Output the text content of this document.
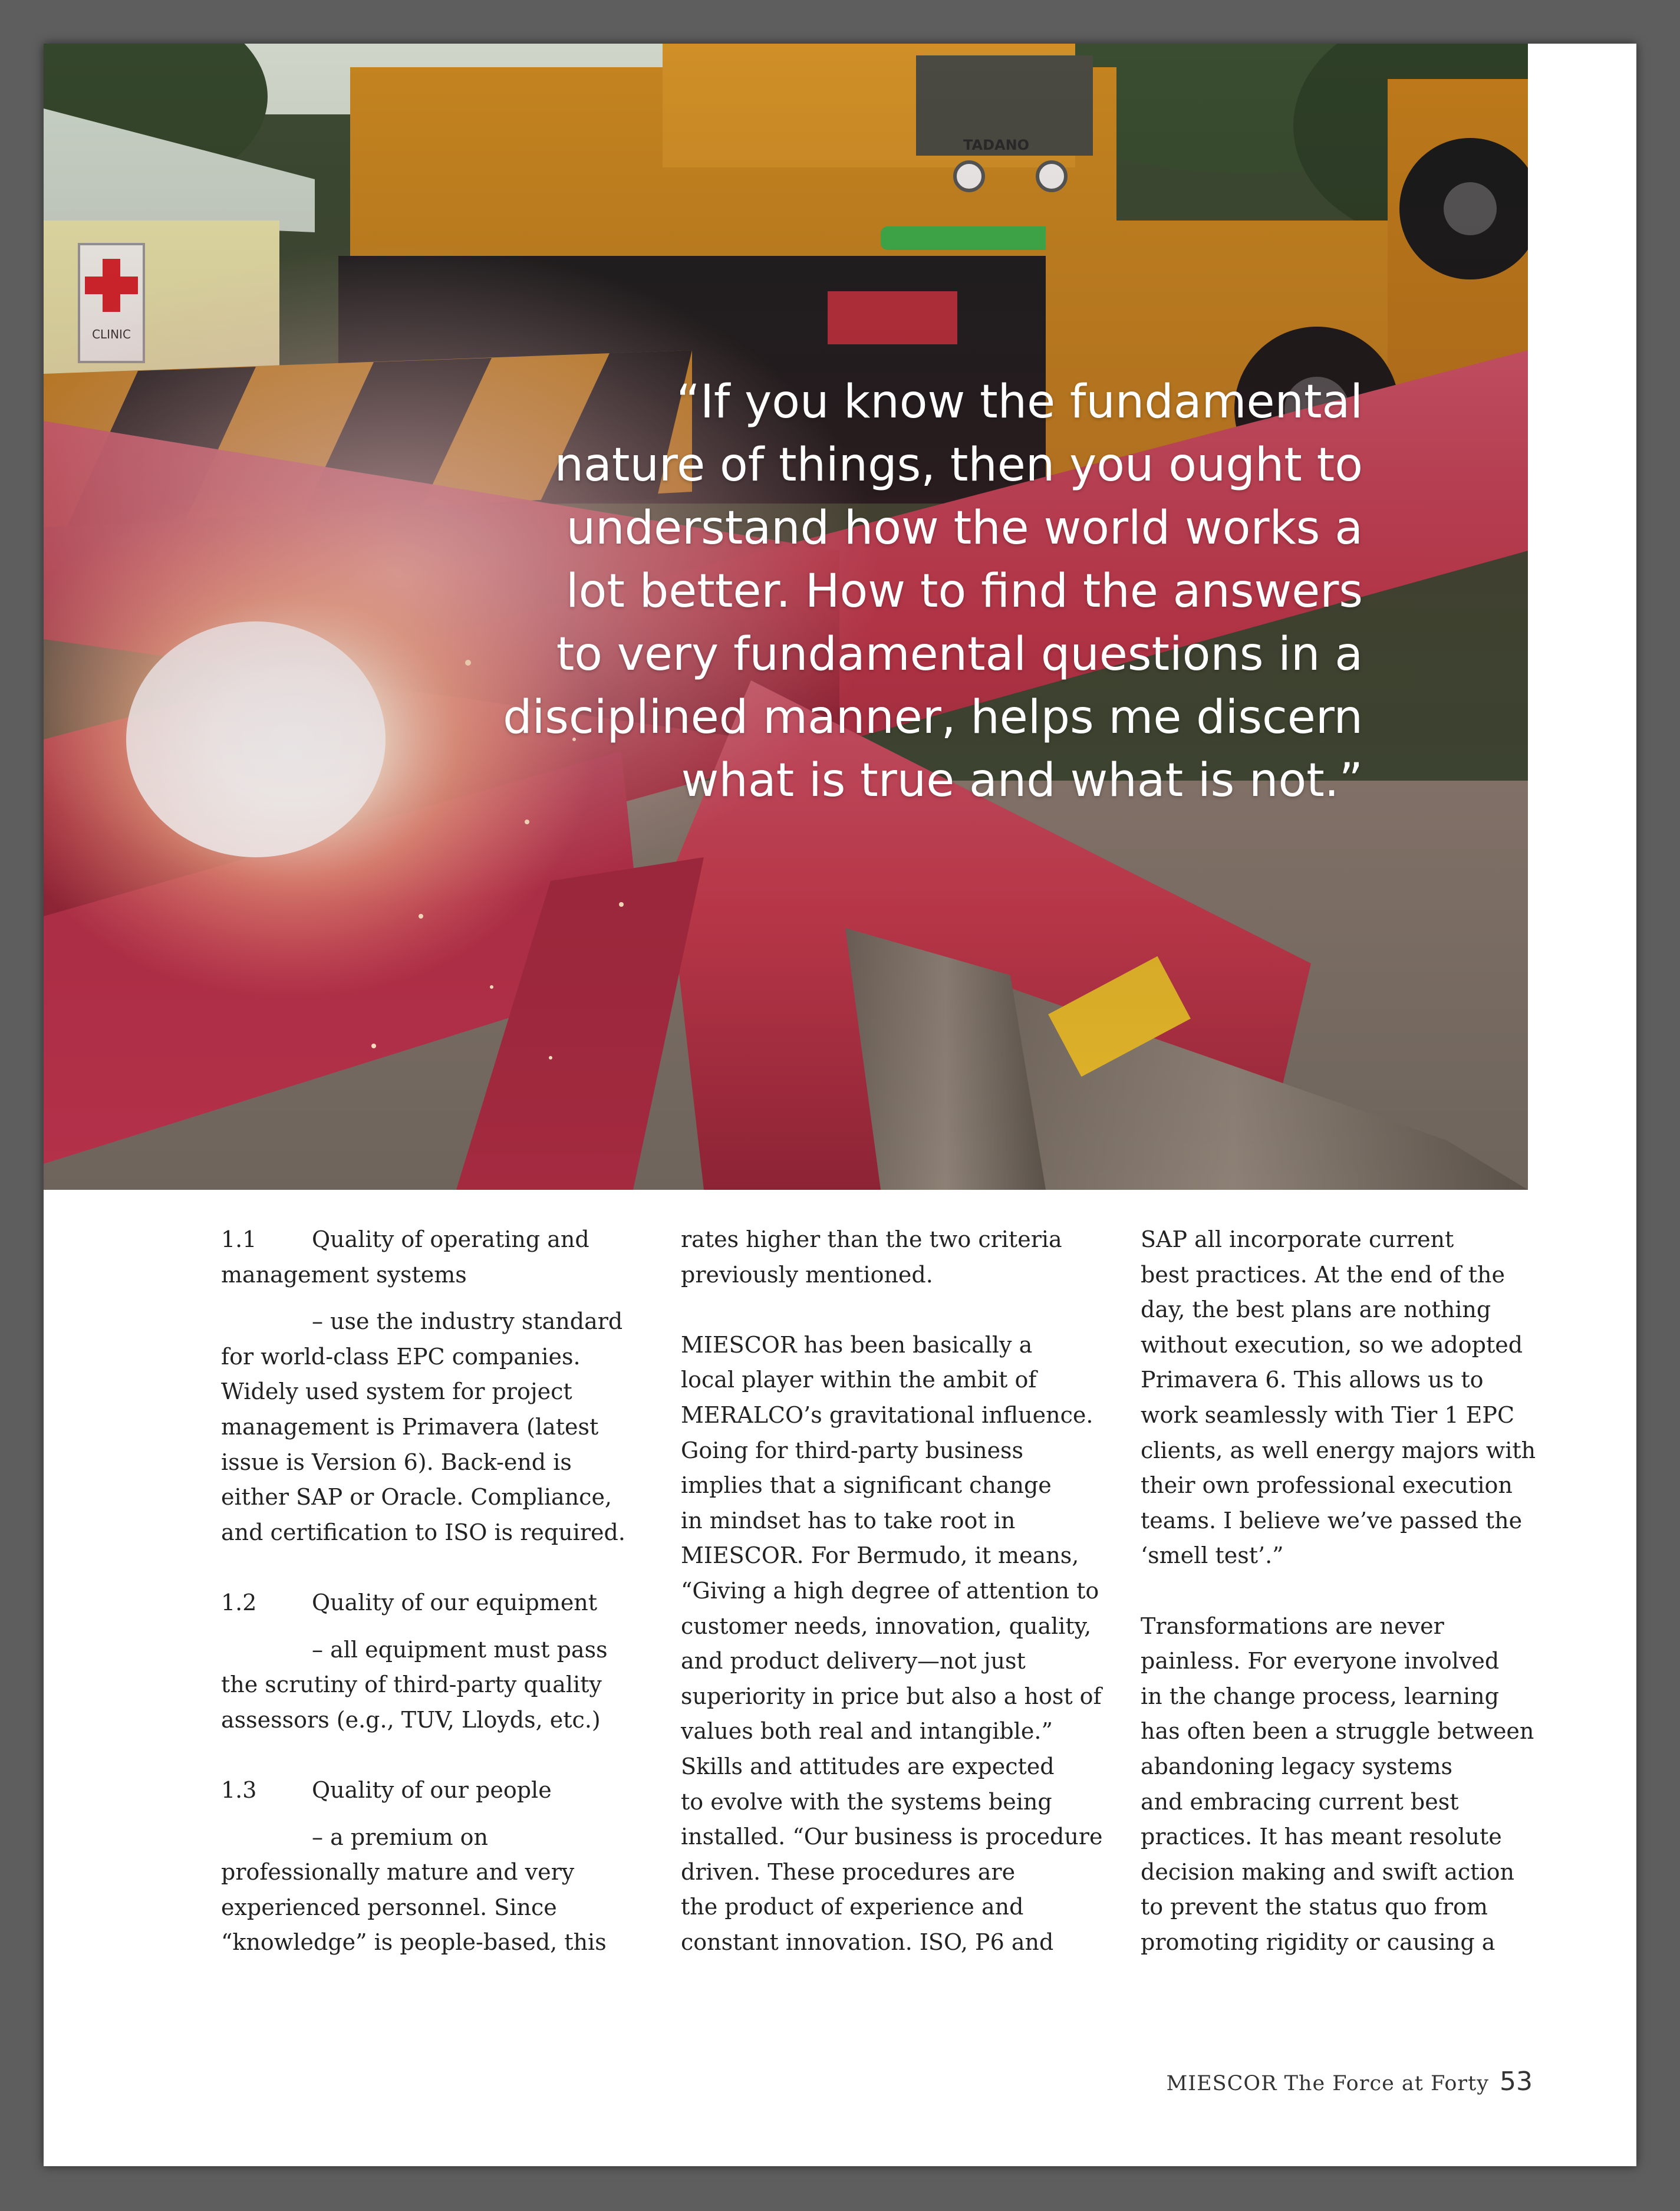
“If you know the fundamental
nature of things, then you ought to
understand how the world works a
lot better. How to find the answers
to very fundamental questions in a
disciplined manner, helps me discern
what is true and what is not.”

1.1 Quality of operating and
management systems

– use the industry standard
for world-class EPC companies.
Widely used system for project
management is Primavera (latest
issue is Version 6). Back-end is
either SAP or Oracle. Compliance,
and certification to ISO is required.

1.2 Quality of our equipment

– all equipment must pass
the scrutiny of third-party quality
assessors (e.g., TUV, Lloyds, etc.)

1.3 Quality of our people

– a premium on
professionally mature and very
experienced personnel. Since
“knowledge” is people-based, this

rates higher than the two criteria
previously mentioned.

MIESCOR has been basically a
local player within the ambit of
MERALCO’s gravitational influence.
Going for third-party business
implies that a significant change
in mindset has to take root in
MIESCOR. For Bermudo, it means,
“Giving a high degree of attention to
customer needs, innovation, quality,
and product delivery—not just
superiority in price but also a host of
values both real and intangible.”
Skills and attitudes are expected
to evolve with the systems being
installed. “Our business is procedure
driven. These procedures are
the product of experience and
constant innovation. ISO, P6 and

SAP all incorporate current
best practices. At the end of the
day, the best plans are nothing
without execution, so we adopted
Primavera 6. This allows us to
work seamlessly with Tier 1 EPC
clients, as well energy majors with
their own professional execution
teams. I believe we’ve passed the
‘smell test’.”

Transformations are never
painless. For everyone involved
in the change process, learning
has often been a struggle between
abandoning legacy systems
and embracing current best
practices. It has meant resolute
decision making and swift action
to prevent the status quo from
promoting rigidity or causing a

MIESCOR The Force at Forty 53
